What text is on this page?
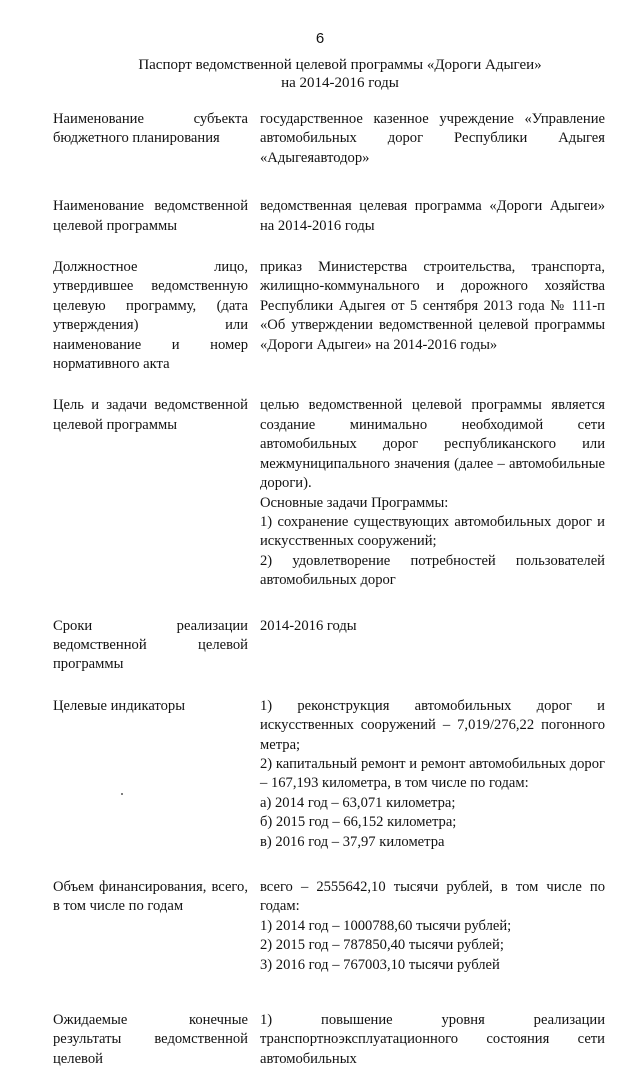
6
Паспорт ведомственной целевой программы «Дороги Адыгеи»
на 2014-2016 годы
Наименование субъекта бюджетного планирования
государственное казенное учреждение «Управление автомобильных дорог Республики Адыгея «Адыгеяавтодор»
Наименование ведомственной целевой программы
ведомственная целевая программа «Дороги Адыгеи» на 2014-2016 годы
Должностное лицо, утвердившее ведомственную целевую программу, (дата утверждения) или наименование и номер нормативного акта
приказ Министерства строительства, транспорта, жилищно-коммунального и дорожного хозяйства Республики Адыгея от 5 сентября 2013 года № 111-п «Об утверждении ведомственной целевой программы «Дороги Адыгеи» на 2014-2016 годы»
Цель и задачи ведомственной целевой программы
целью ведомственной целевой программы является создание минимально необходимой сети автомобильных дорог республиканского или межмуниципального значения (далее – автомобильные дороги).
Основные задачи Программы:
1) сохранение существующих автомобильных дорог и искусственных сооружений;
2) удовлетворение потребностей пользователей автомобильных дорог
Сроки реализации ведомственной целевой программы
2014-2016 годы
Целевые индикаторы	1) реконструкция автомобильных дорог и искусственных сооружений – 7,019/276,22 погонного метра;
2) капитальный ремонт и ремонт автомобильных дорог – 167,193 километра, в том числе по годам:
а) 2014 год – 63,071 километра;
б) 2015 год – 66,152 километра;
в) 2016 год – 37,97 километра
Объем финансирования, всего, в том числе по годам
всего – 2555642,10 тысячи рублей, в том числе по годам:
1) 2014 год – 1000788,60 тысячи рублей;
2) 2015 год – 787850,40 тысячи рублей;
3) 2016 год – 767003,10 тысячи рублей
Ожидаемые конечные результаты ведомственной целевой
1) повышение уровня реализации транспортноэксплуатационного состояния сети автомобильных
